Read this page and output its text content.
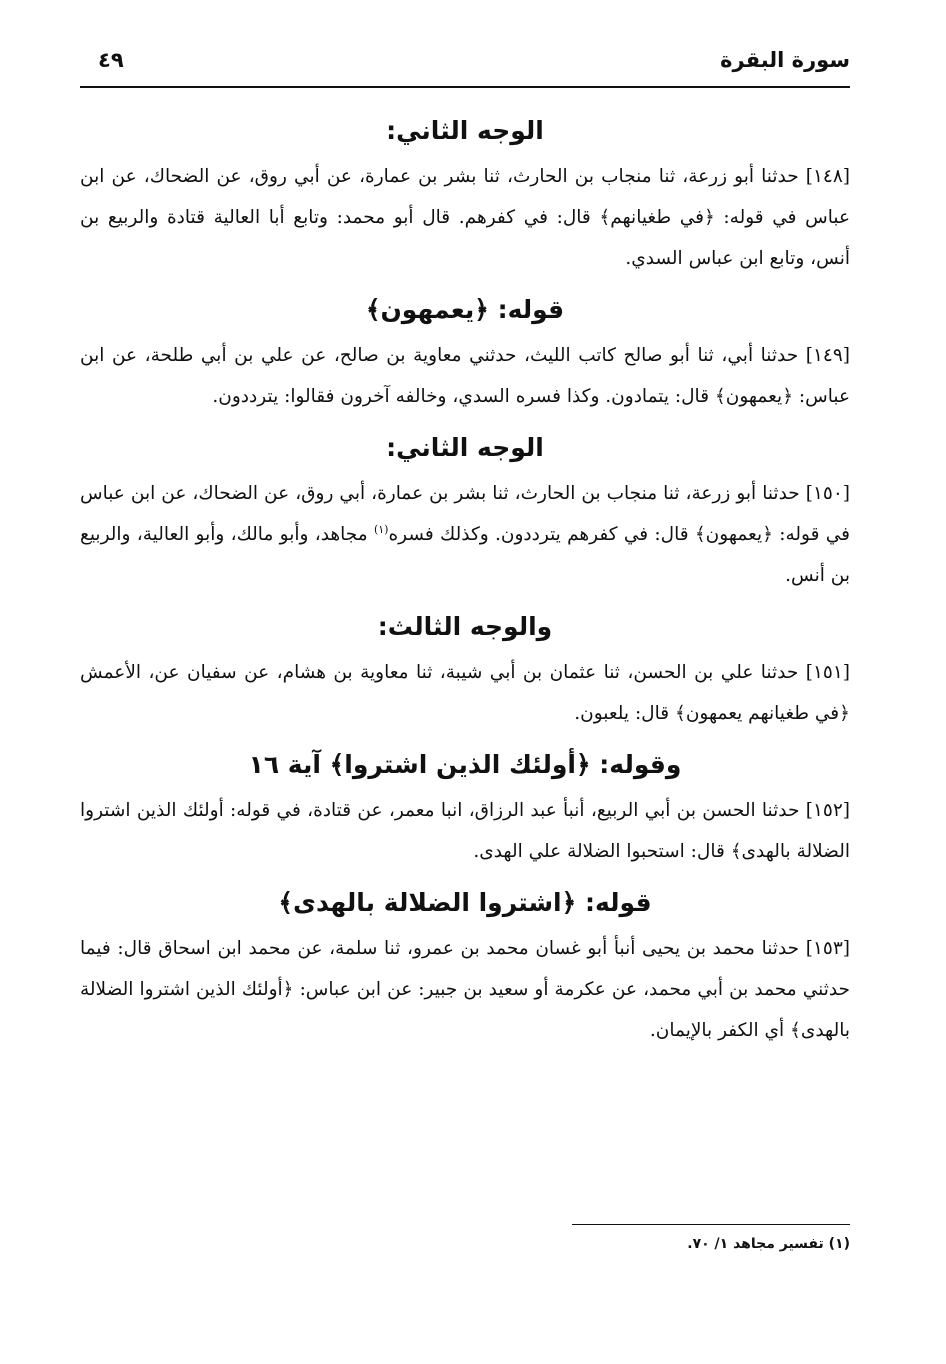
سورة البقرة
٤٩
الوجه الثاني:

[١٤٨] حدثنا أبو زرعة، ثنا منجاب بن الحارث، ثنا بشر بن عمارة، عن أبي روق، عن الضحاك، عن ابن عباس في قوله: ﴿في طغيانهم﴾ قال: في كفرهم. قال أبو محمد: وتابع أبا العالية قتادة والربيع بن أنس، وتابع ابن عباس السدي.

قوله: ﴿يعمهون﴾

[١٤٩] حدثنا أبي، ثنا أبو صالح كاتب الليث، حدثني معاوية بن صالح، عن علي بن أبي طلحة، عن ابن عباس: ﴿يعمهون﴾ قال: يتمادون. وكذا فسره السدي، وخالفه آخرون فقالوا: يترددون.

الوجه الثاني:

[١٥٠] حدثنا أبو زرعة، ثنا منجاب بن الحارث، ثنا بشر بن عمارة، أبي روق، عن الضحاك، عن ابن عباس في قوله: ﴿يعمهون﴾ قال: في كفرهم يترددون. وكذلك فسره$^{(١)}$ مجاهد، وأبو مالك، وأبو العالية، والربيع بن أنس.

والوجه الثالث:

[١٥١] حدثنا علي بن الحسن، ثنا عثمان بن أبي شيبة، ثنا معاوية بن هشام، عن سفيان عن، الأعمش ﴿في طغيانهم يعمهون﴾ قال: يلعبون.

وقوله: ﴿أولئك الذين اشتروا﴾ آية ١٦

[١٥٢] حدثنا الحسن بن أبي الربيع، أنبأ عبد الرزاق، انبا معمر، عن قتادة، في قوله: أولئك الذين اشتروا الضلالة بالهدى﴾ قال: استحبوا الضلالة علي الهدى.

قوله: ﴿اشتروا الضلالة بالهدى﴾

[١٥٣] حدثنا محمد بن يحيى أنبأ أبو غسان محمد بن عمرو، ثنا سلمة، عن محمد ابن اسحاق قال: فيما حدثني محمد بن أبي محمد، عن عكرمة أو سعيد بن جبير: عن ابن عباس: ﴿أولئك الذين اشتروا الضلالة بالهدى﴾ أي الكفر بالإيمان.

(١) تفسير مجاهد ١/ ٧٠.
